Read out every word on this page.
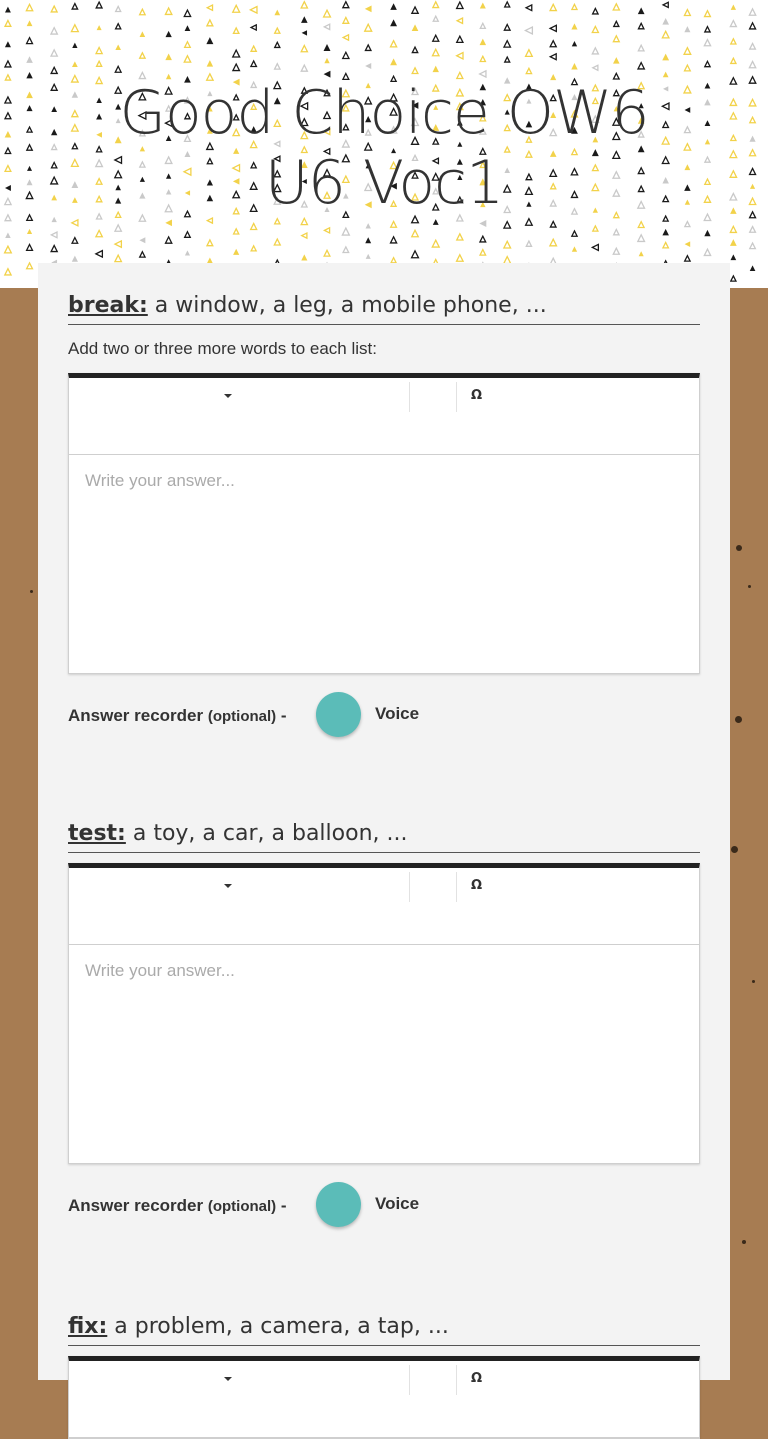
Good Choice OW6
U6 Voc1
break: a window, a leg, a mobile phone, ...
Add two or three more words to each list:
Ω
Write your answer...
Answer recorder (optional) -	Voice
test: a toy, a car, a balloon, ...
Ω
Write your answer...
Answer recorder (optional) -	Voice
fix: a problem, a camera, a tap, ...
Ω
